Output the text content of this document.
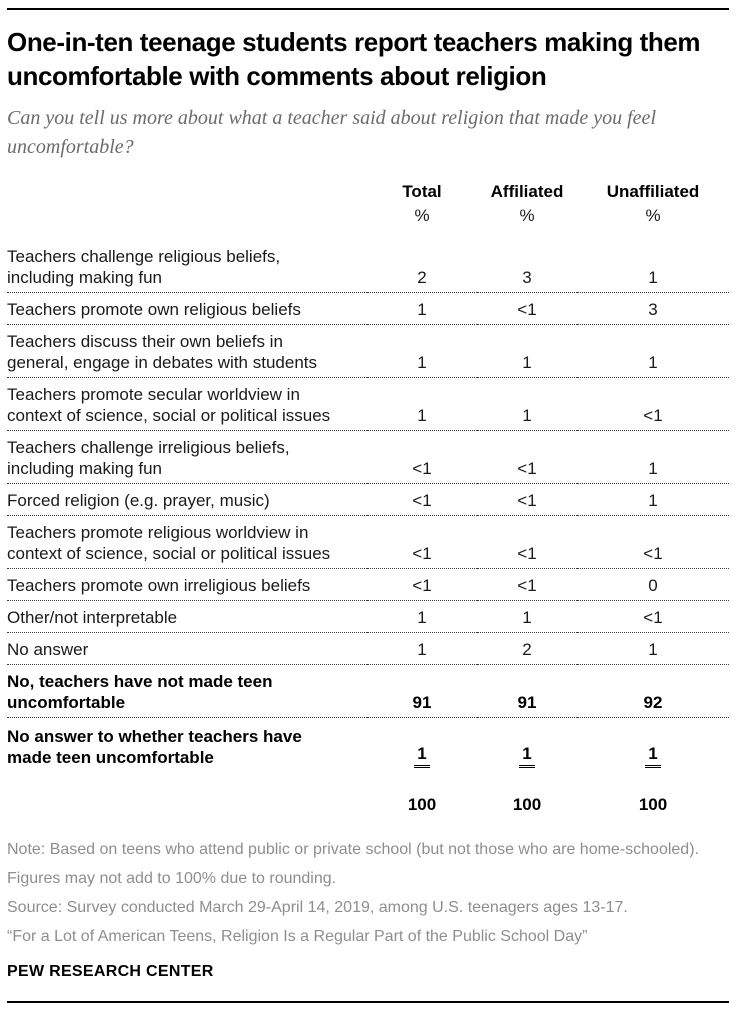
One-in-ten teenage students report teachers making them uncomfortable with comments about religion

Can you tell us more about what a teacher said about religion that made you feel uncomfortable?

	Total	Affiliated	Unaffiliated
	%	%	%
Teachers challenge religious beliefs, including making fun	2	3	1
Teachers promote own religious beliefs	1	<1	3
Teachers discuss their own beliefs in general, engage in debates with students	1	1	1
Teachers promote secular worldview in context of science, social or political issues	1	1	<1
Teachers challenge irreligious beliefs, including making fun	<1	<1	1
Forced religion (e.g. prayer, music)	<1	<1	1
Teachers promote religious worldview in context of science, social or political issues	<1	<1	<1
Teachers promote own irreligious beliefs	<1	<1	0
Other/not interpretable	1	1	<1
No answer	1	2	1
No, teachers have not made teen uncomfortable	91	91	92
No answer to whether teachers have made teen uncomfortable	1	1	1
	100	100	100

Note: Based on teens who attend public or private school (but not those who are home-schooled). Figures may not add to 100% due to rounding.

Source: Survey conducted March 29-April 14, 2019, among U.S. teenagers ages 13-17.

“For a Lot of American Teens, Religion Is a Regular Part of the Public School Day”

PEW RESEARCH CENTER
